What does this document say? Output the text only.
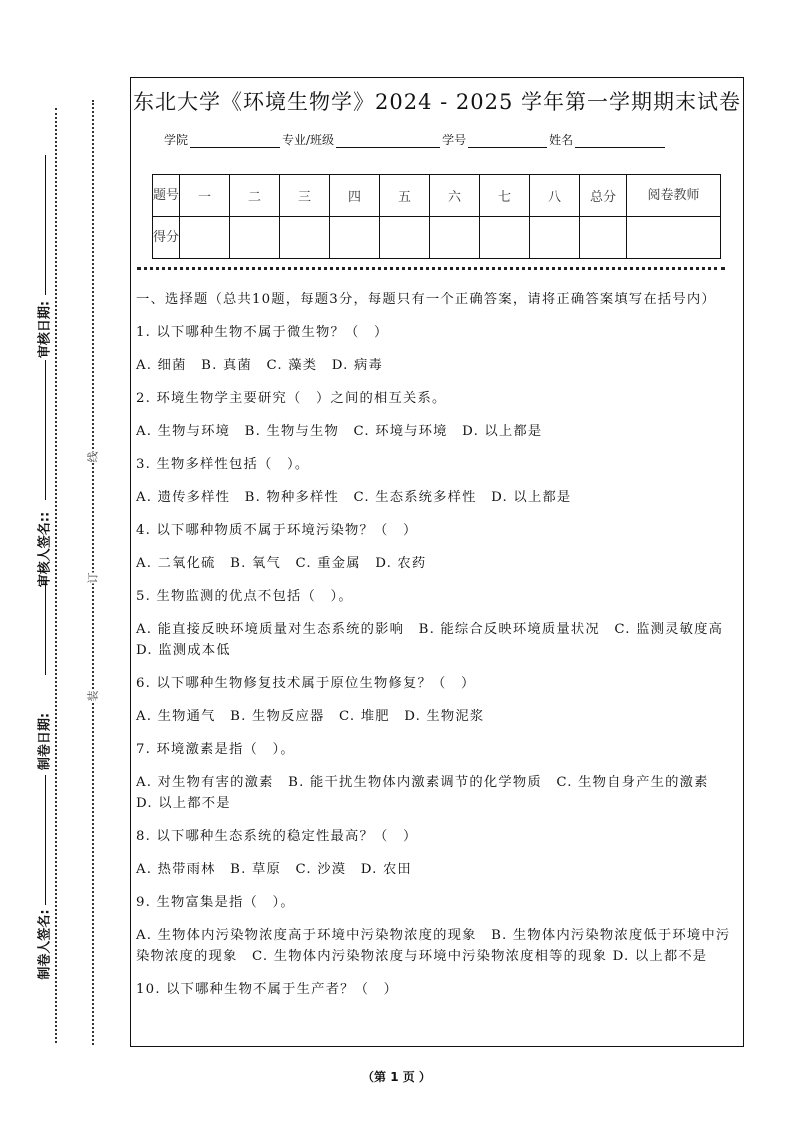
审核日期:
审核人签名::
制卷日期:
制卷人签名:
线
订
装
东北大学《环境生物学》2024 - 2025 学年第一学期期末试卷
学院	专业/班级	学号	姓名
题号	一	二	三	四	五	六	七	八	总分	阅卷教师
得分										

一、选择题（总共10题，每题3分，每题只有一个正确答案，请将正确答案填写在括号内）

1. 以下哪种生物不属于微生物？（　）

A. 细菌　B. 真菌　C. 藻类　D. 病毒

2. 环境生物学主要研究（　）之间的相互关系。

A. 生物与环境　B. 生物与生物　C. 环境与环境　D. 以上都是

3. 生物多样性包括（　）。

A. 遗传多样性　B. 物种多样性　C. 生态系统多样性　D. 以上都是

4. 以下哪种物质不属于环境污染物？（　）

A. 二氧化硫　B. 氧气　C. 重金属　D. 农药

5. 生物监测的优点不包括（　）。

A. 能直接反映环境质量对生态系统的影响　B. 能综合反映环境质量状况　C. 监测灵敏度高　D. 监测成本低

6. 以下哪种生物修复技术属于原位生物修复？（　）

A. 生物通气　B. 生物反应器　C. 堆肥　D. 生物泥浆

7. 环境激素是指（　）。

A. 对生物有害的激素　B. 能干扰生物体内激素调节的化学物质　C. 生物自身产生的激素　D. 以上都不是

8. 以下哪种生态系统的稳定性最高？（　）

A. 热带雨林　B. 草原　C. 沙漠　D. 农田

9. 生物富集是指（　）。

A. 生物体内污染物浓度高于环境中污染物浓度的现象　B. 生物体内污染物浓度低于环境中污染物浓度的现象　C. 生物体内污染物浓度与环境中污染物浓度相等的现象 D. 以上都不是

10. 以下哪种生物不属于生产者？（　）

（第 1 页 ）
